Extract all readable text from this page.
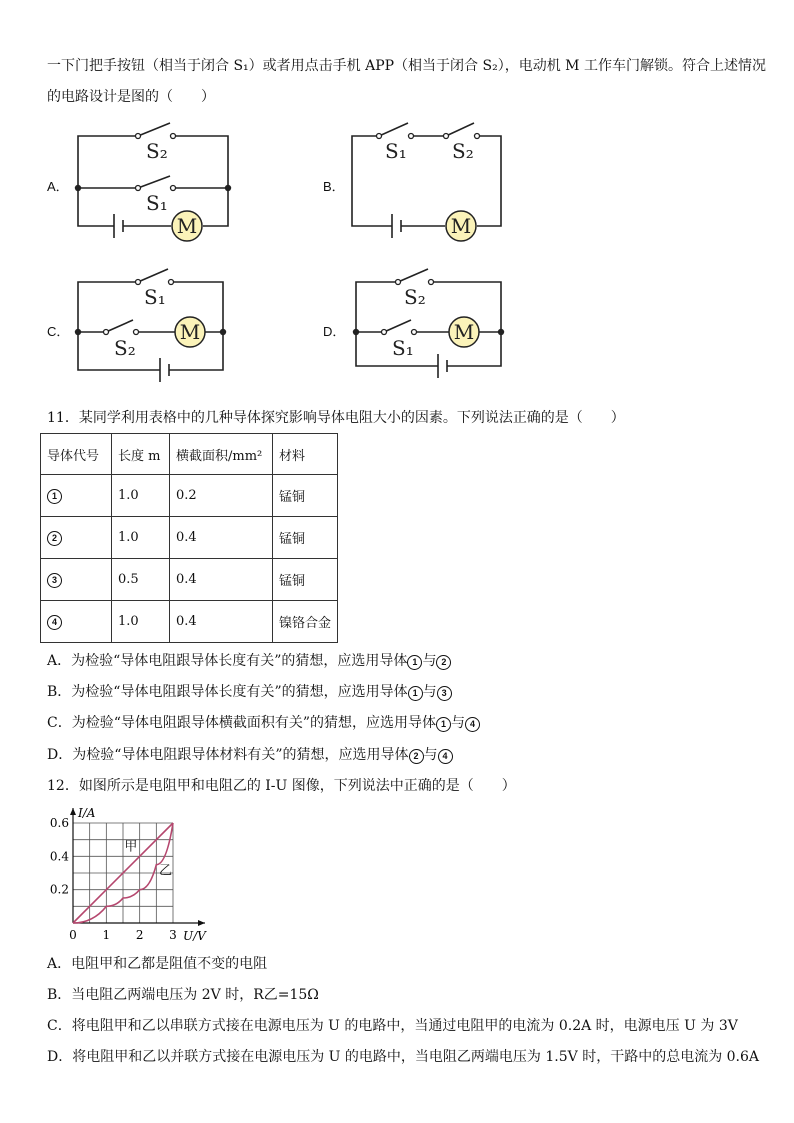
一下门把手按钮（相当于闭合 S₁）或者用点击手机 APP（相当于闭合 S₂），电动机 M 工作车门解锁。符合上述情况
的电路设计是图的（　　）
A．	B．
C．	D．
M
S₂
S₁
M
S₁ S₂
M
S₁
S₂
M
S₂
S₁
11．某同学利用表格中的几种导体探究影响导体电阻大小的因素。下列说法正确的是（　　）
导体代号	长度 m	横截面积/mm²	材料
1	1.0	0.2	锰铜
2	1.0	0.4	锰铜
3	0.5	0.4	锰铜
4	1.0	0.4	镍铬合金
A．为检验“导体电阻跟导体长度有关”的猜想，应选用导体 1 与 2
B．为检验“导体电阻跟导体长度有关”的猜想，应选用导体 1 与 3
C．为检验“导体电阻跟导体横截面积有关”的猜想，应选用导体 1 与 4
D．为检验“导体电阻跟导体材料有关”的猜想，应选用导体 2 与 4
12．如图所示是电阻甲和电阻乙的 I-U 图像，下列说法中正确的是（　　）
0 1 2 3
0.2
0.4
0.6
U/V
I/A
甲
乙
A．电阻甲和乙都是阻值不变的电阻
B．当电阻乙两端电压为 2V 时，R乙=15Ω
C．将电阻甲和乙以串联方式接在电源电压为 U 的电路中，当通过电阻甲的电流为 0.2A 时，电源电压 U 为 3V
D．将电阻甲和乙以并联方式接在电源电压为 U 的电路中，当电阻乙两端电压为 1.5V 时，干路中的总电流为 0.6A
